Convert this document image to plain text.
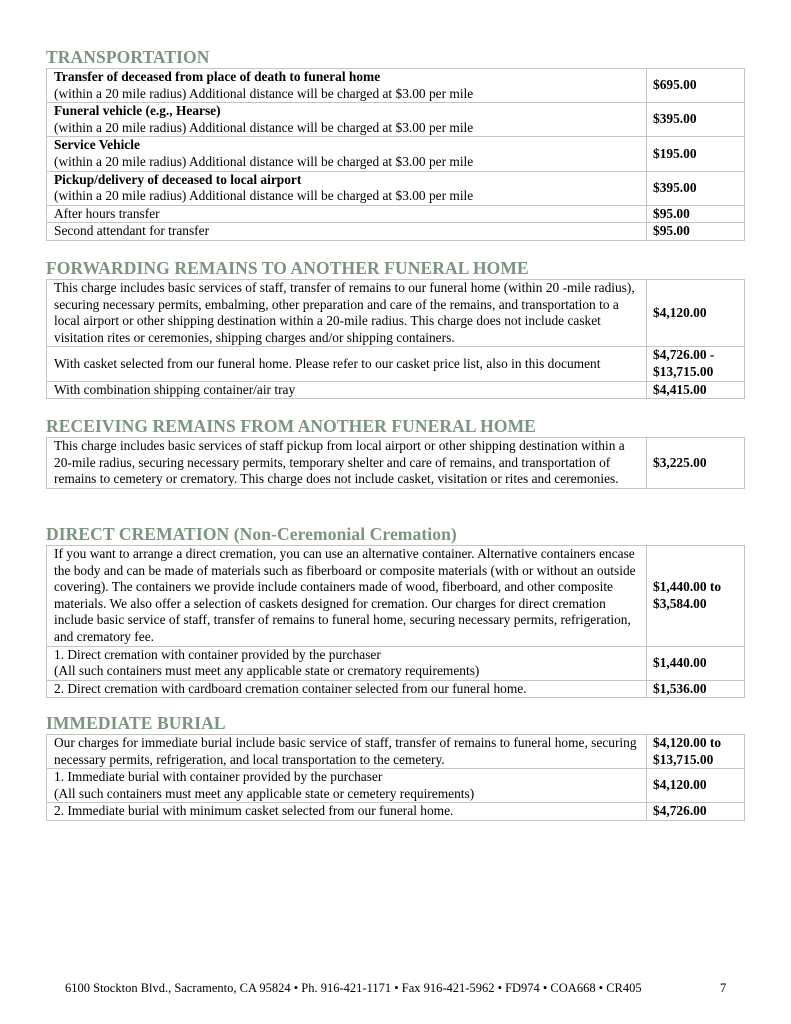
TRANSPORTATION
Transfer of deceased from place of death to funeral home
(within a 20 mile radius) Additional distance will be charged at $3.00 per mile	$695.00

Funeral vehicle (e.g., Hearse)
(within a 20 mile radius) Additional distance will be charged at $3.00 per mile	$395.00

Service Vehicle
(within a 20 mile radius) Additional distance will be charged at $3.00 per mile	$195.00

Pickup/delivery of deceased to local airport
(within a 20 mile radius) Additional distance will be charged at $3.00 per mile	$395.00
After hours transfer	$95.00
Second attendant for transfer	$95.00
FORWARDING REMAINS TO ANOTHER FUNERAL HOME
This charge includes basic services of staff, transfer of remains to our funeral home (within 20 -mile radius), securing necessary permits, embalming, other preparation and care of the remains, and transportation to a local airport or other shipping destination within a 20-mile radius. This charge does not include casket visitation rites or ceremonies, shipping charges and/or shipping containers.	$4,120.00
With casket selected from our funeral home. Please refer to our casket price list, also in this document	$4,726.00 -
$13,715.00

With combination shipping container/air tray	$4,415.00
RECEIVING REMAINS FROM ANOTHER FUNERAL HOME
This charge includes basic services of staff pickup from local airport or other shipping destination within a 20-mile radius, securing necessary permits, temporary shelter and care of remains, and transportation of remains to cemetery or crematory. This charge does not include casket, visitation or rites and ceremonies.	$3,225.00
DIRECT CREMATION (Non-Ceremonial Cremation)
If you want to arrange a direct cremation, you can use an alternative container. Alternative containers encase the body and can be made of materials such as fiberboard or composite materials (with or without an outside covering). The containers we provide include containers made of wood, fiberboard, and other composite materials. We also offer a selection of caskets designed for cremation. Our charges for direct cremation include basic service of staff, transfer of remains to funeral home, securing necessary permits, refrigeration, and crematory fee.	$1,440.00 to
$3,584.00

1. Direct cremation with container provided by the purchaser
(All such containers must meet any applicable state or crematory requirements)	$1,440.00
2. Direct cremation with cardboard cremation container selected from our funeral home.	$1,536.00
IMMEDIATE BURIAL
Our charges for immediate burial include basic service of staff, transfer of remains to funeral home, securing necessary permits, refrigeration, and local transportation to the cemetery.	$4,120.00 to
$13,715.00

1. Immediate burial with container provided by the purchaser
(All such containers must meet any applicable state or cemetery requirements)	$4,120.00
2. Immediate burial with minimum casket selected from our funeral home.	$4,726.00
6100 Stockton Blvd., Sacramento, CA 95824 • Ph. 916-421-1171 • Fax 916-421-5962 • FD974 • COA668 • CR405	7
